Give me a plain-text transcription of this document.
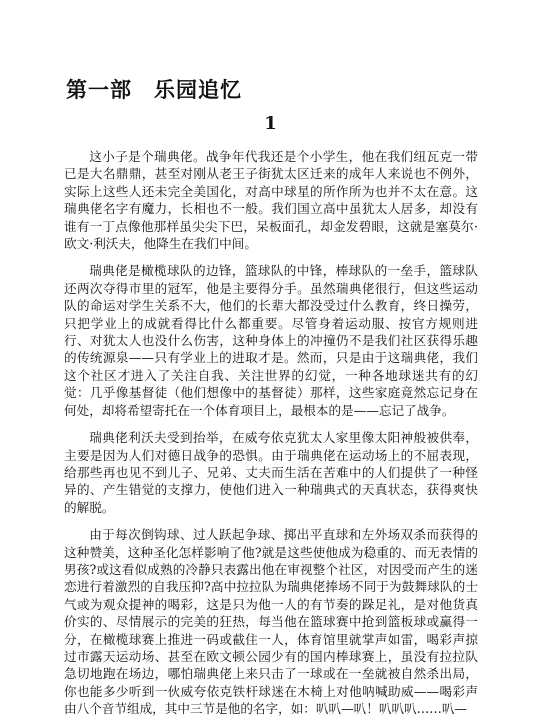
第一部　乐园追忆
1

这小子是个瑞典佬。战争年代我还是个小学生，他在我们纽瓦克一带已是大名鼎鼎，甚至对刚从老王子街犹太区迁来的成年人来说也不例外，实际上这些人还未完全美国化，对高中球星的所作所为也并不太在意。这瑞典佬名字有魔力，长相也不一般。我们国立高中虽犹太人居多，却没有谁有一丁点像他那样虽尖尖下巴，呆板面孔，却金发碧眼，这就是塞莫尔·欧文·利沃夫，他降生在我们中间。

瑞典佬是橄榄球队的边锋，篮球队的中锋，棒球队的一垒手，篮球队还两次夺得市里的冠军，他是主要得分手。虽然瑞典佬很行，但这些运动队的命运对学生关系不大，他们的长辈大都没受过什么教育，终日操劳，只把学业上的成就看得比什么都重要。尽管身着运动服、按官方规则进行、对犹太人也没什么伤害，这种身体上的冲撞仍不是我们社区获得乐趣的传统源泉——只有学业上的进取才是。然而，只是由于这瑞典佬，我们这个社区才进入了关注自我、关注世界的幻觉，一种各地球迷共有的幻觉：几乎像基督徒（他们想像中的基督徒）那样，这些家庭竟然忘记身在何处，却将希望寄托在一个体育项目上，最根本的是——忘记了战争。

瑞典佬利沃夫受到抬举，在威夸依克犹太人家里像太阳神般被供奉，主要是因为人们对德日战争的恐惧。由于瑞典佬在运动场上的不屈表现，给那些再也见不到儿子、兄弟、丈夫而生活在苦难中的人们提供了一种怪异的、产生错觉的支撑力，使他们进入一种瑞典式的天真状态，获得爽快的解脱。

由于每次倒钩球、过人跃起争球、掷出平直球和左外场双杀而获得的这种赞美，这种圣化怎样影响了他?就是这些使他成为稳重的、而无表情的男孩?或这看似成熟的冷静只表露出他在审视整个社区，对因受而产生的迷恋进行着激烈的自我压抑?高中拉拉队为瑞典佬捧场不同于为鼓舞球队的士气或为观众提神的喝彩，这是只为他一人的有节奏的跺足礼，是对他货真价实的、尽情展示的完美的狂热，每当他在篮球赛中抢到篮板球或赢得一分，在橄榄球赛上推进一码或截住一人，体育馆里就掌声如雷，喝彩声掠过市露天运动场、甚至在欧文顿公园少有的国内棒球赛上，虽没有拉拉队急切地跑在场边，哪怕瑞典佬上来只击了一球或在一垒就被自然杀出局，你也能多少听到一伙威夸依克铁杆球迷在木椅上对他呐喊助威——喝彩声由八个音节组成，其中三节是他的名字，如：叭叭—叭！叭叭叭……叭—
